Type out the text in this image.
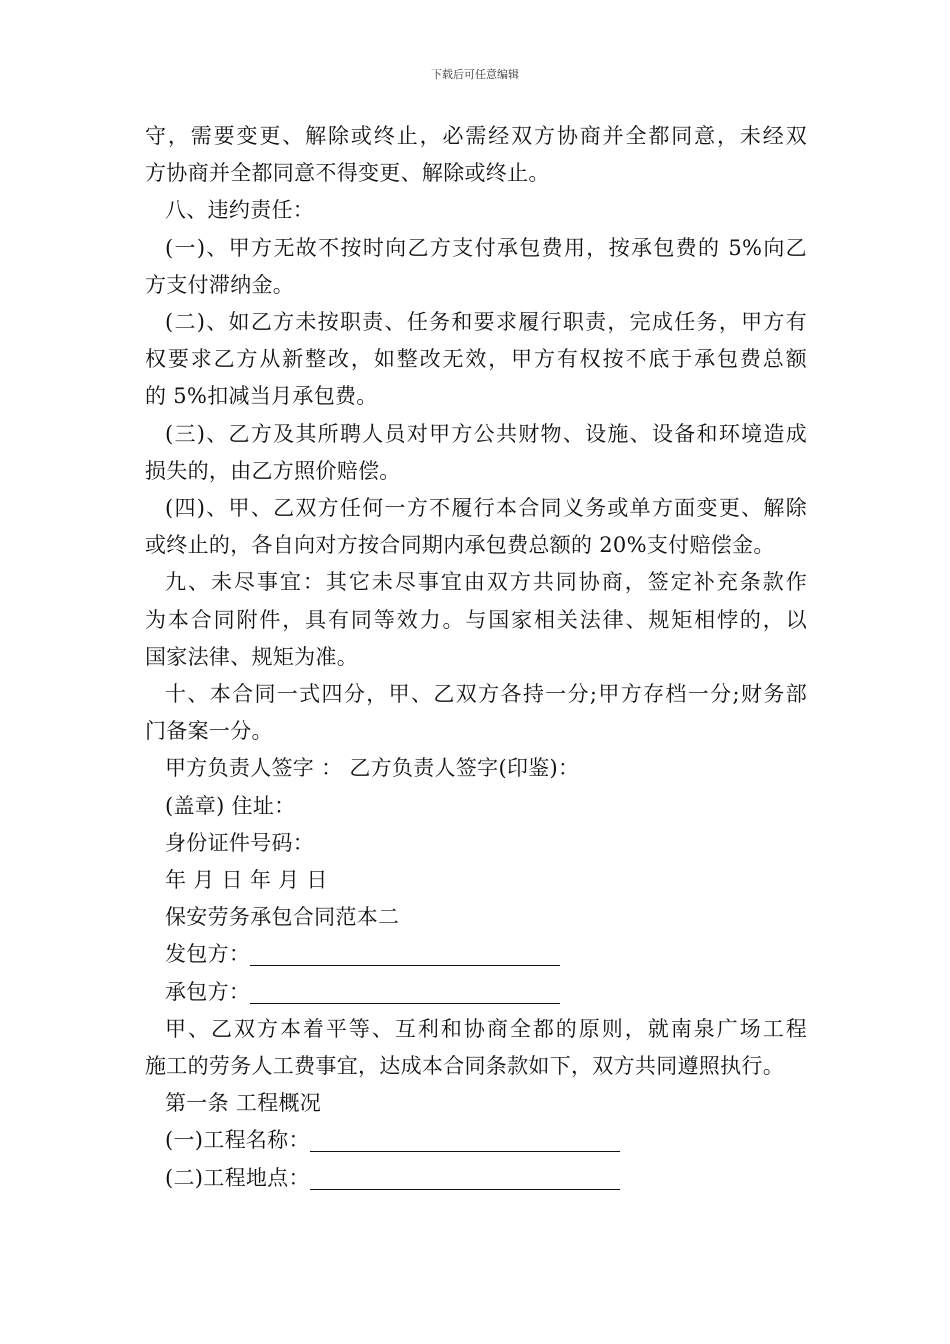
下载后可任意编辑
守，需要变更、解除或终止，必需经双方协商并全都同意，未经双
方协商并全都同意不得变更、解除或终止。
八、违约责任：
(一)、甲方无故不按时向乙方支付承包费用，按承包费的 5%向乙
方支付滞纳金。
(二)、如乙方未按职责、任务和要求履行职责，完成任务，甲方有
权要求乙方从新整改，如整改无效，甲方有权按不底于承包费总额
的 5%扣减当月承包费。
(三)、乙方及其所聘人员对甲方公共财物、设施、设备和环境造成
损失的，由乙方照价赔偿。
(四)、甲、乙双方任何一方不履行本合同义务或单方面变更、解除
或终止的，各自向对方按合同期内承包费总额的 20%支付赔偿金。
九、未尽事宜：其它未尽事宜由双方共同协商，签定补充条款作
为本合同附件，具有同等效力。与国家相关法律、规矩相悖的，以
国家法律、规矩为准。
十、本合同一式四分，甲、乙双方各持一分;甲方存档一分;财务部
门备案一分。
甲方负责人签字 ： 乙方负责人签字(印鉴)：
(盖章) 住址：
身份证件号码：
年 月 日 年 月 日
保安劳务承包合同范本二
发包方：
承包方：
甲、乙双方本着平等、互利和协商全都的原则，就南泉广场工程
施工的劳务人工费事宜，达成本合同条款如下，双方共同遵照执行。
第一条 工程概况
(一)工程名称：
(二)工程地点：
